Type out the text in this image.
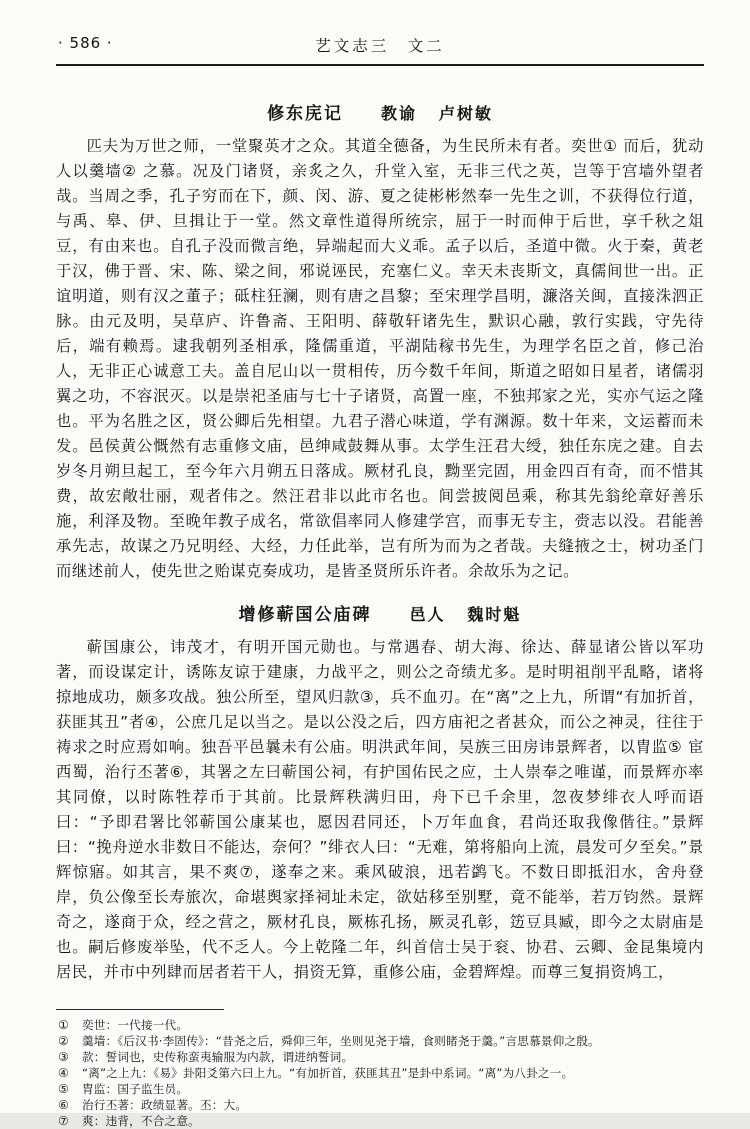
· 586 ·	艺文志三　文二
修东庑记 教谕 卢树敏

匹夫为万世之师，一堂聚英才之众。其道全德备，为生民所未有者。奕世① 而后，犹动人以羹墙② 之慕。况及门诸贤，亲炙之久，升堂入室，无非三代之英，岂等于宫墙外望者哉。当周之季，孔子穷而在下，颜、闵、游、夏之徒彬彬然奉一先生之训，不获得位行道，与禹、皋、伊、旦揖让于一堂。然文章性道得所统宗，屈于一时而伸于后世，享千秋之俎豆，有由来也。自孔子没而微言绝，异端起而大义乖。孟子以后，圣道中微。火于秦，黄老于汉，佛于晋、宋、陈、梁之间，邪说诬民，充塞仁义。幸天未丧斯文，真儒间世一出。正谊明道，则有汉之董子；砥柱狂澜，则有唐之昌黎；至宋理学昌明，濂洛关闽，直接洙泗正脉。由元及明，吴草庐、许鲁斋、王阳明、薛敬轩诸先生，默识心融，敦行实践，守先待后，端有赖焉。逮我朝列圣相承，隆儒重道，平湖陆稼书先生，为理学名臣之首，修己治人，无非正心诚意工夫。盖自尼山以一贯相传，历今数千年间，斯道之昭如日星者，诸儒羽翼之功，不容泯灭。以是崇祀圣庙与七十子诸贤，高置一座，不独邦家之光，实亦气运之隆也。平为名胜之区，贤公卿后先相望。九君子潜心味道，学有渊源。数十年来，文运蓄而未发。邑侯黄公慨然有志重修文庙，邑绅咸鼓舞从事。太学生汪君大绶，独任东庑之建。自去岁冬月朔旦起工，至今年六月朔五日落成。厥材孔良，黝垩完固，用金四百有奇，而不惜其费，故宏敞壮丽，观者伟之。然汪君非以此市名也。间尝披阅邑乘，称其先翁纶章好善乐施，利泽及物。至晚年教子成名，常欲倡率同人修建学宫，而事无专主，赍志以没。君能善承先志，故谋之乃兄明经、大经，力任此举，岂有所为而为之者哉。夫缝掖之士，树功圣门而继述前人，使先世之贻谋克奏成功，是皆圣贤所乐许者。余故乐为之记。

增修蕲国公庙碑 邑人 魏时魁

蕲国康公，讳茂才，有明开国元勋也。与常遇春、胡大海、徐达、薛显诸公皆以军功著，而设谋定计，诱陈友谅于建康，力战平之，则公之奇绩尤多。是时明祖削平乱略，诸将掠地成功，颇多攻战。独公所至，望风归款③，兵不血刃。在“离”之上九，所谓“有加折首，获匪其丑”者④，公庶几足以当之。是以公没之后，四方庙祀之者甚众，而公之神灵，往往于祷求之时应焉如响。独吾平邑曩未有公庙。明洪武年间，吴族三田房讳景辉者，以胄监⑤ 宦西蜀，治行丕著⑥，其署之左曰蕲国公祠，有护国佑民之应，土人崇奉之唯谨，而景辉亦率其同僚，以时陈牲荐币于其前。比景辉秩满归田，舟下已千余里，忽夜梦绯衣人呼而语曰：“予即君署比邻蕲国公康某也，愿因君同还，卜万年血食，君尚还取我像偕往。”景辉曰：“挽舟逆水非数日不能达，奈何？”绯衣人曰：“无难，第将船向上流，晨发可夕至矣。”景辉惊寤。如其言，果不爽⑦，遂奉之来。乘风破浪，迅若鹢飞。不数日即抵汨水，舍舟登岸，负公像至长寿旅次，命堪舆家择祠址未定，欲姑移至别墅，竟不能举，若万钧然。景辉奇之，遂商于众，经之营之，厥材孔良，厥栋孔扬，厥灵孔彰，笾豆具臧，即今之太尉庙是也。嗣后修废举坠，代不乏人。今上乾隆二年，纠首信士吴于衮、协君、云卿、金昆集境内居民，并市中列肆而居者若干人，捐资无算，重修公庙，金碧辉煌。而尊三复捐资鸠工，

①	奕世：一代接一代。
②	羹墙：《后汉书·李固传》：“昔尧之后，舜仰三年，坐则见尧于墙，食则睹尧于羹。”言思慕景仰之殷。
③	款：誓词也，史传称蛮夷输服为内款，谓进纳誓词。
④	“离”之上九：《易》卦阳爻第六曰上九。“有加折首，获匪其丑”是卦中系词。“离”为八卦之一。
⑤	胄监：国子监生员。
⑥	治行丕著：政绩显著。丕：大。
⑦	爽：违背，不合之意。
